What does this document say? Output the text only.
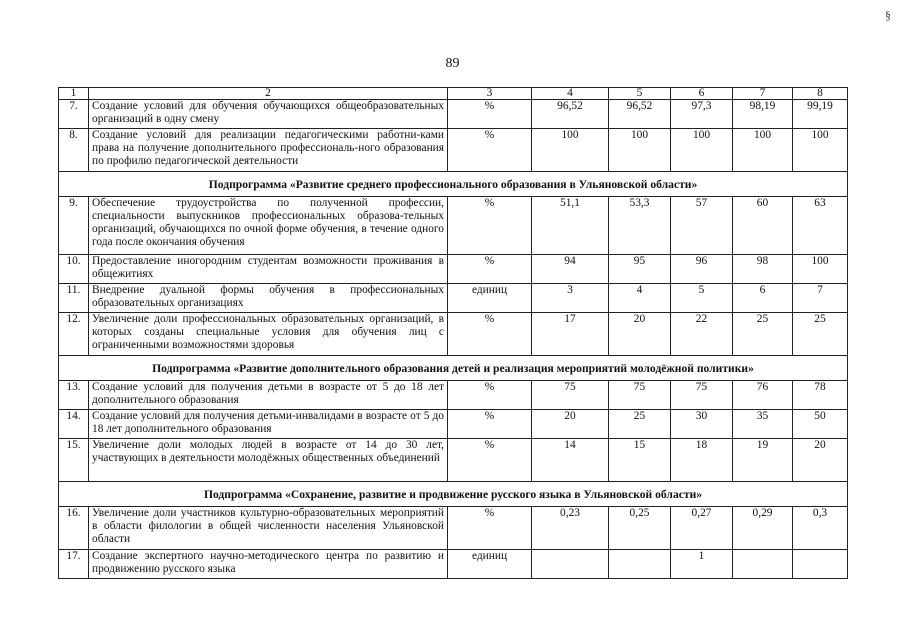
§
89
1	2	3	4	5	6	7	8
7.	Создание условий для обучения обучающихся общеобразовательных организаций в одну смену	%	96,52	96,52	97,3	98,19	99,19
8.	Создание условий для реализации педагогическими работни-ками права на получение дополнительного профессиональ-ного образования по профилю педагогической деятельности	%	100	100	100	100	100
Подпрограмма «Развитие среднего профессионального образования в Ульяновской области»							
9.	Обеспечение трудоустройства по полученной профессии, специальности выпускников профессиональных образова-тельных организаций, обучающихся по очной форме обучения, в течение одного года после окончания обучения	%	51,1	53,3	57	60	63
10.	Предоставление иногородним студентам возможности проживания в общежитиях	%	94	95	96	98	100
11.	Внедрение дуальной формы обучения в профессиональных образовательных организациях	единиц	3	4	5	6	7
12.	Увеличение доли профессиональных образовательных организаций, в которых созданы специальные условия для обучения лиц с ограниченными возможностями здоровья	%	17	20	22	25	25
Подпрограмма «Развитие дополнительного образования детей и реализация мероприятий молодёжной политики»							
13.	Создание условий для получения детьми в возрасте от 5 до 18 лет дополнительного образования	%	75	75	75	76	78
14.	Создание условий для получения детьми-инвалидами в возрасте от 5 до 18 лет дополнительного образования	%	20	25	30	35	50
15.	Увеличение доли молодых людей в возрасте от 14 до 30 лет, участвующих в деятельности молодёжных общественных объединений	%	14	15	18	19	20
Подпрограмма «Сохранение, развитие и продвижение русского языка в Ульяновской области»							
16.	Увеличение доли участников культурно-образовательных мероприятий в области филологии в общей численности населения Ульяновской области	%	0,23	0,25	0,27	0,29	0,3
17.	Создание экспертного научно-методического центра по развитию и продвижению русского языка	единиц			1		
